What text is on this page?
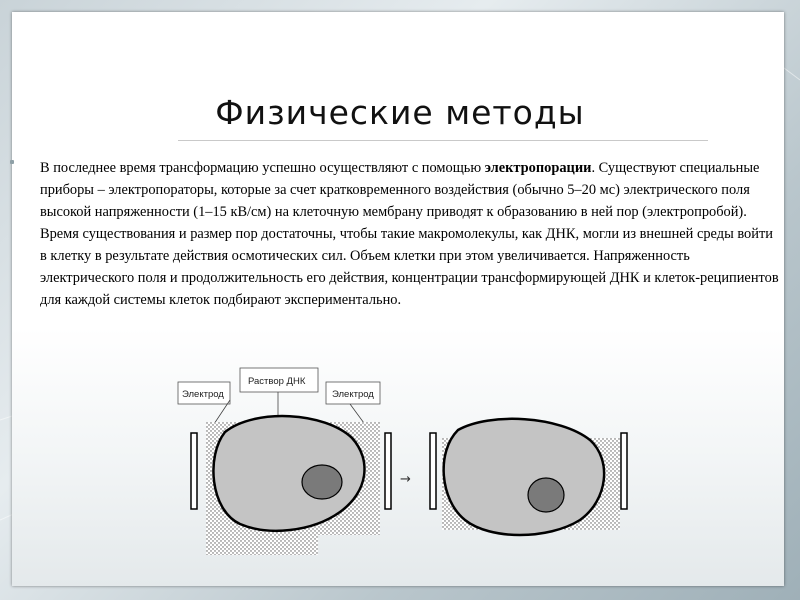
Физические методы

В последнее время трансформацию успешно осуществляют с помощью электропорации. Существуют специальные приборы – электропораторы, которые за счет кратковременного воздействия (обычно 5–20 мс) электрического поля высокой напряженности (1–15 кВ/см) на клеточную мембрану приводят к образованию в ней пор (электропробой).

Время существования и размер пор достаточны, чтобы такие макромолекулы, как ДНК, могли из внешней среды войти в клетку в результате действия осмотических сил. Объем клетки при этом увеличивается. Напряженность электрического поля и продолжительность его действия, концентрации трансформирующей ДНК и клеток-реципиентов для каждой системы клеток подбирают экспериментально.

Электрод
Раствор ДНК
Электрод
→
